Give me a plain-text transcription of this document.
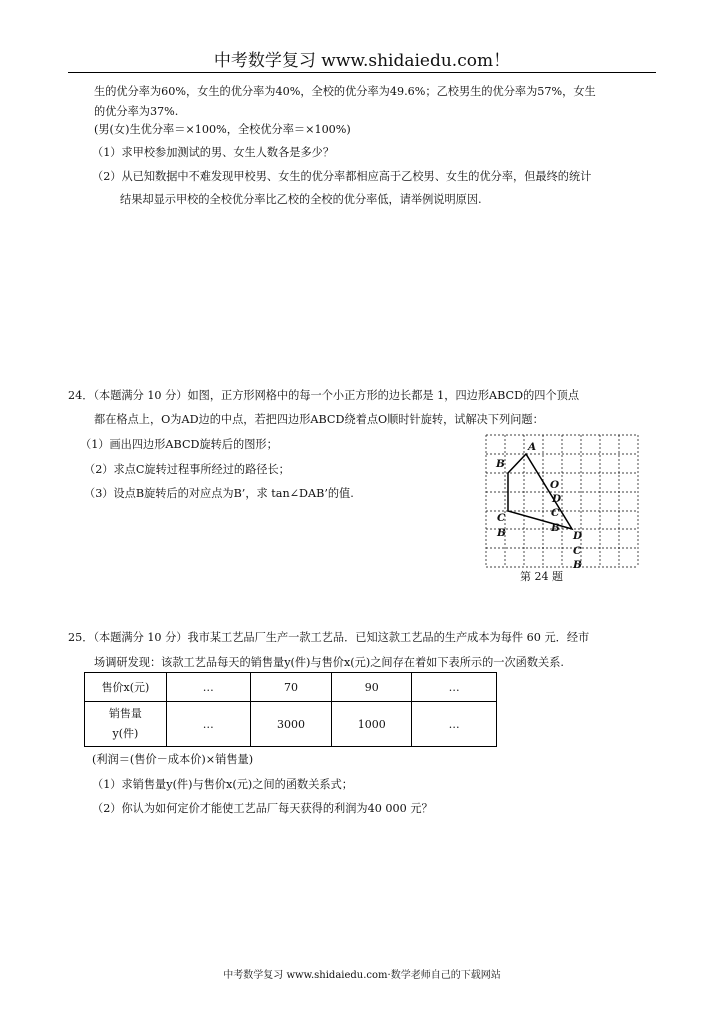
中考数学复习 www.shidaiedu.com！
生的优分率为60%，女生的优分率为40%，全校的优分率为49.6%；乙校男生的优分率为57%，女生
的优分率为37%.
(男(女)生优分率＝×100%，全校优分率＝×100%)
（1）求甲校参加测试的男、女生人数各是多少？
（2）从已知数据中不难发现甲校男、女生的优分率都相应高于乙校男、女生的优分率，但最终的统计
结果却显示甲校的全校优分率比乙校的全校的优分率低，请举例说明原因.
24．（本题满分 10 分）如图，正方形网格中的每一个小正方形的边长都是 1，四边形ABCD的四个顶点
都在格点上，O为AD边的中点，若把四边形ABCD绕着点O顺时针旋转，试解决下列问题：
（1）画出四边形ABCD旋转后的图形；
（2）求点C旋转过程事所经过的路径长；
（3）设点B旋转后的对应点为B’，求 tan∠DAB’的值.
A
B
O
D
C
B
C
B	D
C
B
第 24 题
25．（本题满分 10 分）我市某工艺品厂生产一款工艺品．已知这款工艺品的生产成本为每件 60 元．经市
场调研发现：该款工艺品每天的销售量y(件)与售价x(元)之间存在着如下表所示的一次函数关系.
售价x(元)	…	70	90	…

销售量
y(件)	…	3000	1000	…
(利润＝(售价－成本价)×销售量)
（1）求销售量y(件)与售价x(元)之间的函数关系式；
（2）你认为如何定价才能使工艺品厂每天获得的利润为40 000 元？
中考数学复习 www.shidaiedu.com·数学老师自己的下载网站
